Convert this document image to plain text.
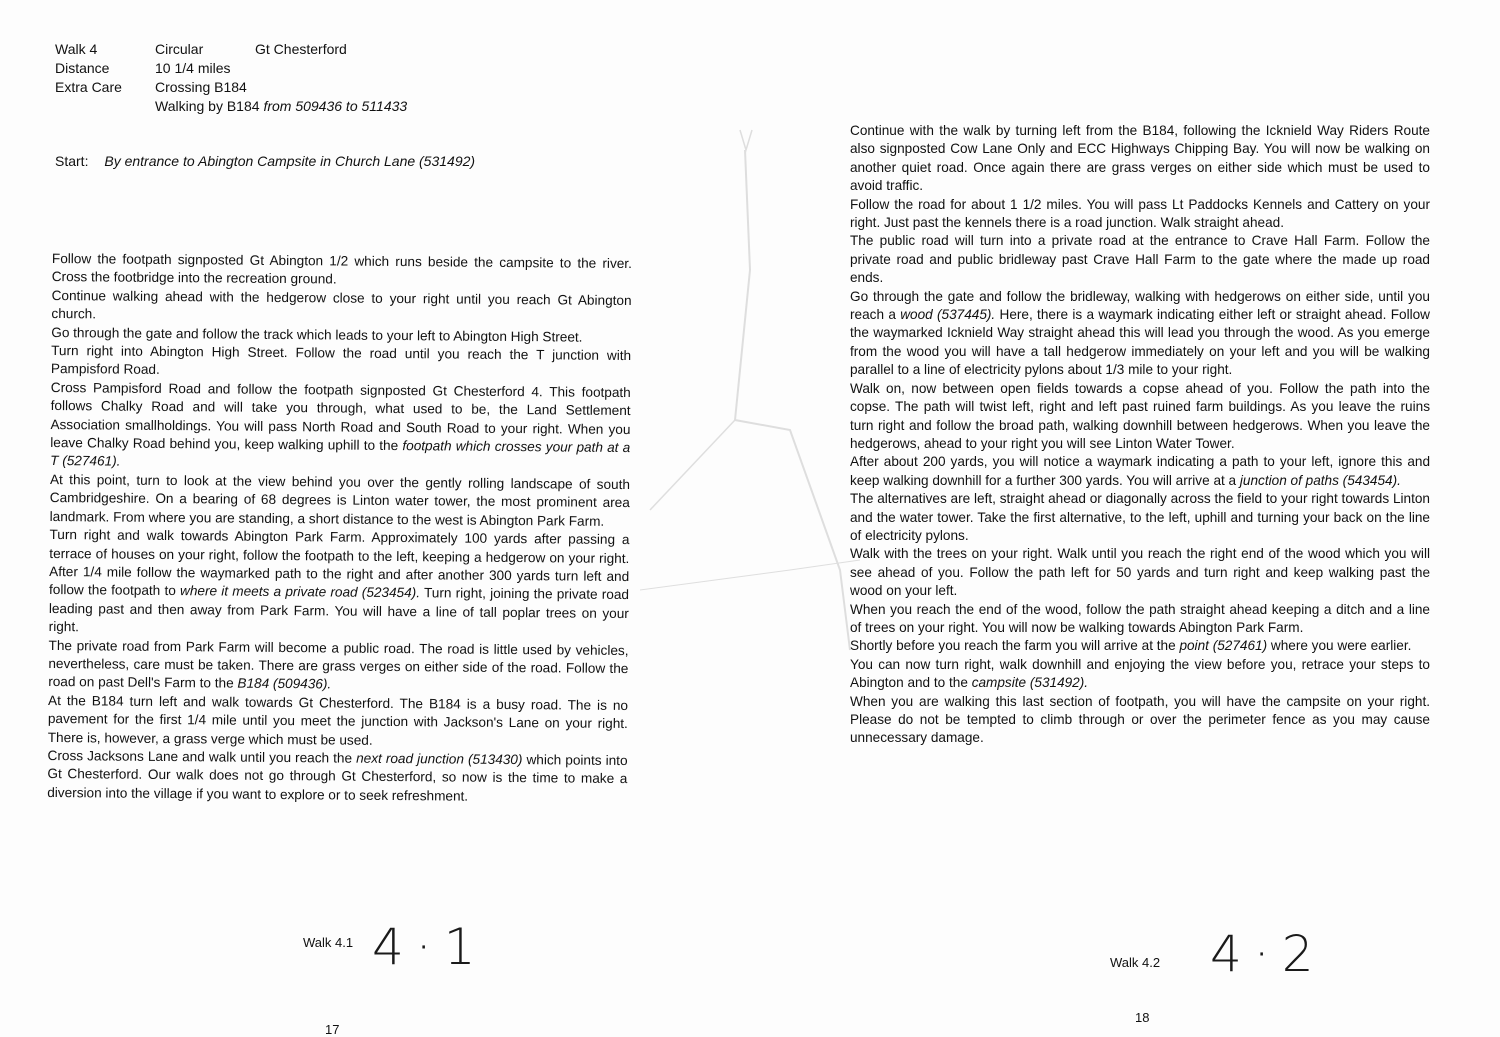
Walk 4	Circular	Gt Chesterford
Distance	10 1/4 miles
Extra Care	Crossing B184
Walking by B184 from 509436 to 511433
Start: By entrance to Abington Campsite in Church Lane (531492)

Follow the footpath signposted Gt Abington 1/2 which runs beside the campsite to the river. Cross the footbridge into the recreation ground.

Continue walking ahead with the hedgerow close to your right until you reach Gt Abington church.

Go through the gate and follow the track which leads to your left to Abington High Street.

Turn right into Abington High Street. Follow the road until you reach the T junction with Pampisford Road.

Cross Pampisford Road and follow the footpath signposted Gt Chesterford 4. This footpath follows Chalky Road and will take you through, what used to be, the Land Settlement Association smallholdings. You will pass North Road and South Road to your right. When you leave Chalky Road behind you, keep walking uphill to the footpath which crosses your path at a T (527461).

At this point, turn to look at the view behind you over the gently rolling landscape of south Cambridgeshire. On a bearing of 68 degrees is Linton water tower, the most prominent area landmark. From where you are standing, a short distance to the west is Abington Park Farm.

Turn right and walk towards Abington Park Farm. Approximately 100 yards after passing a terrace of houses on your right, follow the footpath to the left, keeping a hedgerow on your right. After 1/4 mile follow the waymarked path to the right and after another 300 yards turn left and follow the footpath to where it meets a private road (523454). Turn right, joining the private road leading past and then away from Park Farm. You will have a line of tall poplar trees on your right.

The private road from Park Farm will become a public road. The road is little used by vehicles, nevertheless, care must be taken. There are grass verges on either side of the road. Follow the road on past Dell's Farm to the B184 (509436).

At the B184 turn left and walk towards Gt Chesterford. The B184 is a busy road. The is no pavement for the first 1/4 mile until you meet the junction with Jackson's Lane on your right. There is, however, a grass verge which must be used.

Cross Jacksons Lane and walk until you reach the next road junction (513430) which points into Gt Chesterford. Our walk does not go through Gt Chesterford, so now is the time to make a diversion into the village if you want to explore or to seek refreshment.

Walk 4.1 4·1
17

Continue with the walk by turning left from the B184, following the Icknield Way Riders Route also signposted Cow Lane Only and ECC Highways Chipping Bay. You will now be walking on another quiet road. Once again there are grass verges on either side which must be used to avoid traffic.

Follow the road for about 1 1/2 miles. You will pass Lt Paddocks Kennels and Cattery on your right. Just past the kennels there is a road junction. Walk straight ahead.

The public road will turn into a private road at the entrance to Crave Hall Farm. Follow the private road and public bridleway past Crave Hall Farm to the gate where the made up road ends.

Go through the gate and follow the bridleway, walking with hedgerows on either side, until you reach a wood (537445). Here, there is a waymark indicating either left or straight ahead. Follow the waymarked Icknield Way straight ahead this will lead you through the wood. As you emerge from the wood you will have a tall hedgerow immediately on your left and you will be walking parallel to a line of electricity pylons about 1/3 mile to your right.

Walk on, now between open fields towards a copse ahead of you. Follow the path into the copse. The path will twist left, right and left past ruined farm buildings. As you leave the ruins turn right and follow the broad path, walking downhill between hedgerows. When you leave the hedgerows, ahead to your right you will see Linton Water Tower.

After about 200 yards, you will notice a waymark indicating a path to your left, ignore this and keep walking downhill for a further 300 yards. You will arrive at a junction of paths (543454).

The alternatives are left, straight ahead or diagonally across the field to your right towards Linton and the water tower. Take the first alternative, to the left, uphill and turning your back on the line of electricity pylons.

Walk with the trees on your right. Walk until you reach the right end of the wood which you will see ahead of you. Follow the path left for 50 yards and turn right and keep walking past the wood on your left.

When you reach the end of the wood, follow the path straight ahead keeping a ditch and a line of trees on your right. You will now be walking towards Abington Park Farm.

Shortly before you reach the farm you will arrive at the point (527461) where you were earlier.

You can now turn right, walk downhill and enjoying the view before you, retrace your steps to Abington and to the campsite (531492).

When you are walking this last section of footpath, you will have the campsite on your right. Please do not be tempted to climb through or over the perimeter fence as you may cause unnecessary damage.

Walk 4.2 4·2
18
